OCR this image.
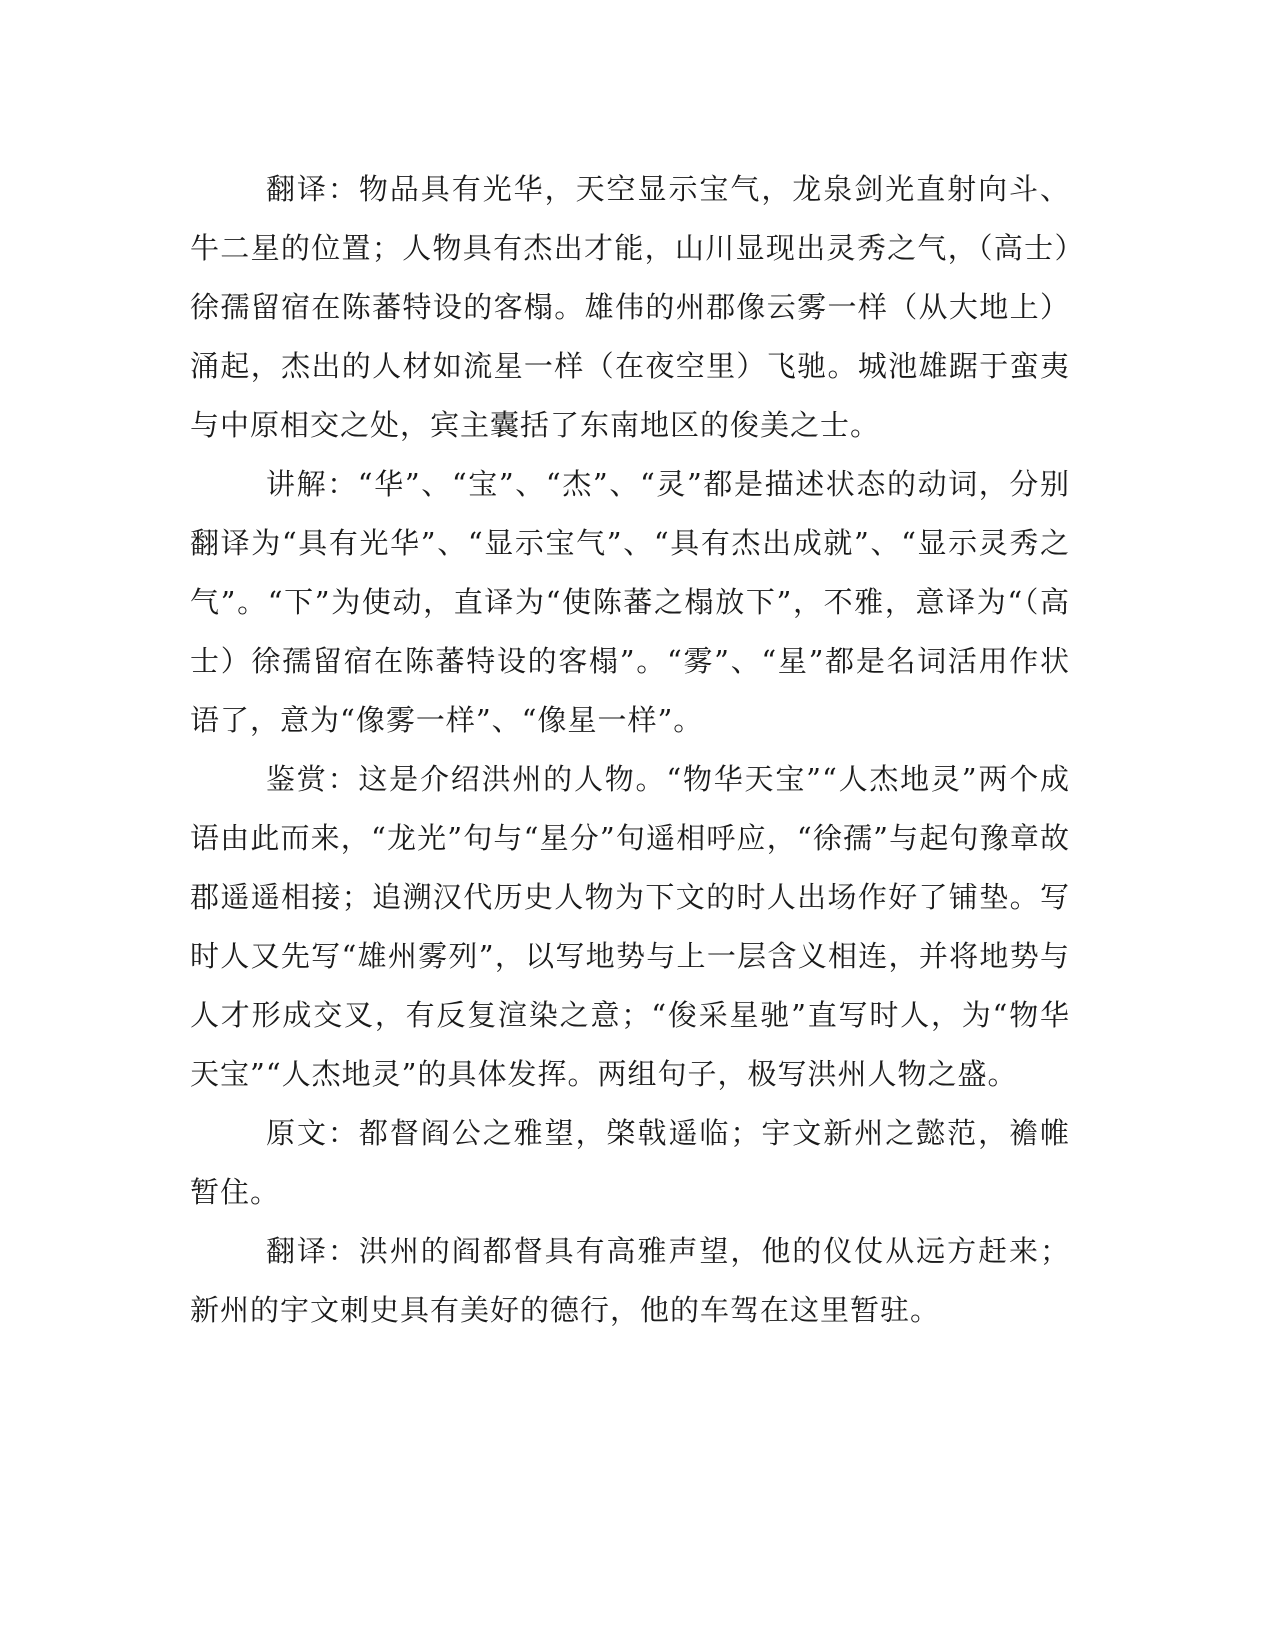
翻译：物品具有光华，天空显示宝气，龙泉剑光直射向斗、牛二星的位置；人物具有杰出才能，山川显现出灵秀之气，（高士）徐孺留宿在陈蕃特设的客榻。雄伟的州郡像云雾一样（从大地上）涌起，杰出的人材如流星一样（在夜空里）飞驰。城池雄踞于蛮夷与中原相交之处，宾主囊括了东南地区的俊美之士。

讲解：“华”、“宝”、“杰”、“灵”都是描述状态的动词，分别翻译为“具有光华”、“显示宝气”、“具有杰出成就”、“显示灵秀之气”。“下”为使动，直译为“使陈蕃之榻放下”，不雅，意译为“（高士）徐孺留宿在陈蕃特设的客榻”。“雾”、“星”都是名词活用作状语了，意为“像雾一样”、“像星一样”。

鉴赏：这是介绍洪州的人物。“物华天宝”“人杰地灵”两个成语由此而来，“龙光”句与“星分”句遥相呼应，“徐孺”与起句豫章故郡遥遥相接；追溯汉代历史人物为下文的时人出场作好了铺垫。写时人又先写“雄州雾列”，以写地势与上一层含义相连，并将地势与人才形成交叉，有反复渲染之意；“俊采星驰”直写时人，为“物华天宝”“人杰地灵”的具体发挥。两组句子，极写洪州人物之盛。

原文：都督阎公之雅望，棨戟遥临；宇文新州之懿范，襜帷暂住。

翻译：洪州的阎都督具有高雅声望，他的仪仗从远方赶来；新州的宇文刺史具有美好的德行，他的车驾在这里暂驻。
